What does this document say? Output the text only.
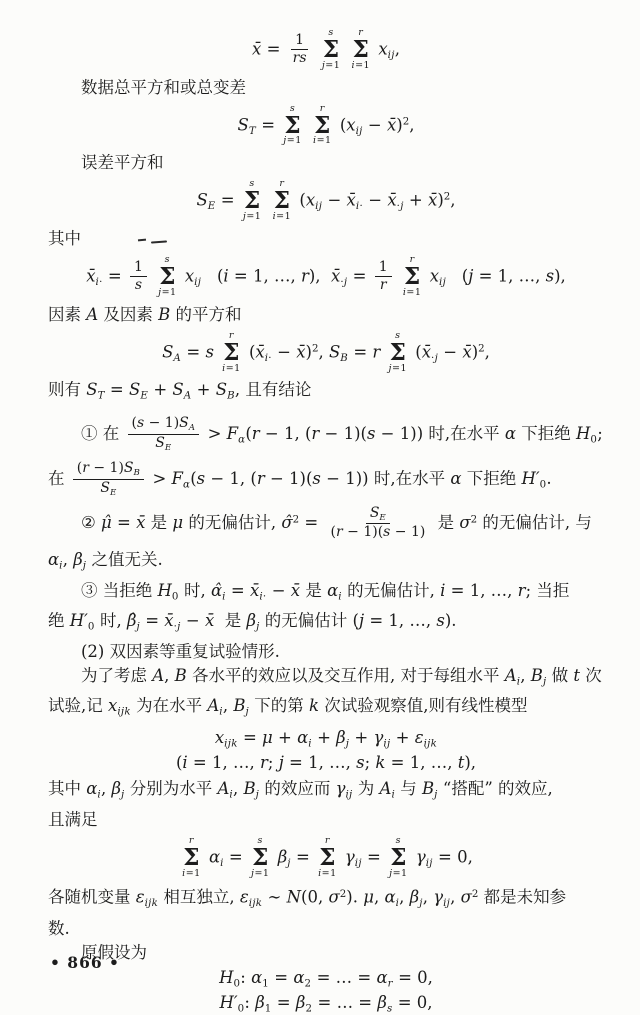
x̄ = $\frac{1}{rs}$
s
Σ
j=1

r
Σ
i=1
$x_{ij}$,
数据总平方和或总变差
$S_T$ =
s
Σ
j=1

r
Σ
i=1
($x_{ij}$ − x̄)$^2$,
误差平方和
$S_E$ =
s
Σ
j=1

r
Σ
i=1
($x_{ij}$ − $x̄_{i\cdot}$ − $x̄_{\cdot j}$ + x̄)$^2$,
其中
$x̄_{i\cdot} = \frac{1}{s}$
s
Σ
j=1
$x_{ij}$   (i = 1, …, r),  $x̄_{\cdot j} = \frac{1}{r}$
r
Σ
i=1
$x_{ij}$   (j = 1, …, s),
因素 A 及因素 B 的平方和
$S_A = s$
r
Σ
i=1
($x̄_{i\cdot}$ − x̄)$^2$, $S_B = r$
s
Σ
j=1
($x̄_{\cdot j}$ − x̄)$^2$,
则有 $S_T = S_E + S_A + S_B$, 且有结论
① 在 $\frac{(s - 1)S_A}{S_E} > F_\alpha(r - 1$, (r − 1)(s − 1)) 时,在水平 α 下拒绝 $H_0$;
在 $\frac{(r - 1)S_B}{S_E} > F_\alpha(s - 1$, (r − 1)(s − 1)) 时,在水平 α 下拒绝 $H'_0$.
② μ̂ = x̄ 是 μ 的无偏估计, σ̂$^2$ = $\frac{S_E}{(r - 1)(s - 1)}$ 是 $\sigma^2$ 的无偏估计, 与
$\alpha_i$, $\beta_j$ 之值无关.
③ 当拒绝 $H_0$ 时, $\alphâ_i$ = $x̄_{i\cdot}$ − x̄ 是 $\alpha_i$ 的无偏估计, i = 1, …, r; 当拒
绝 $H'_0$ 时, $\betâ_j$ = $x̄_{\cdot j}$ − x̄  是 $\beta_j$ 的无偏估计 (j = 1, …, s).
(2) 双因素等重复试验情形.
为了考虑 A, B 各水平的效应以及交互作用, 对于每组水平 $A_i$, $B_j$ 做 t 次
试验,记 $x_{ijk}$ 为在水平 $A_i$, $B_j$ 下的第 k 次试验观察值,则有线性模型
$x_{ijk} = \mu + \alpha_i + \beta_j + \gamma_{ij} + \varepsilon_{ijk}$
(i = 1, …, r; j = 1, …, s; k = 1, …, t),
其中 $\alpha_i$, $\beta_j$ 分别为水平 $A_i$, $B_j$ 的效应而 $\gamma_{ij}$ 为 $A_i$ 与 $B_j$ “搭配” 的效应,
且满足
r
Σ
i=1
$\alpha_i$ =
s
Σ
j=1
$\beta_j$ =
r
Σ
i=1
$\gamma_{ij}$ =
s
Σ
j=1
$\gamma_{ij} = 0$,
各随机变量 $\varepsilon_{ijk}$ 相互独立, $\varepsilon_{ijk}$ ∼ N(0, $\sigma^2$). μ, $\alpha_i$, $\beta_j$, $\gamma_{ij}$, $\sigma^2$ 都是未知参
数.
原假设为
$H_0$: $\alpha_1 = \alpha_2$ = … = $\alpha_r = 0$,
$H'_0$: $\beta_1 = \beta_2$ = … = $\beta_s = 0$,
• 866 •
